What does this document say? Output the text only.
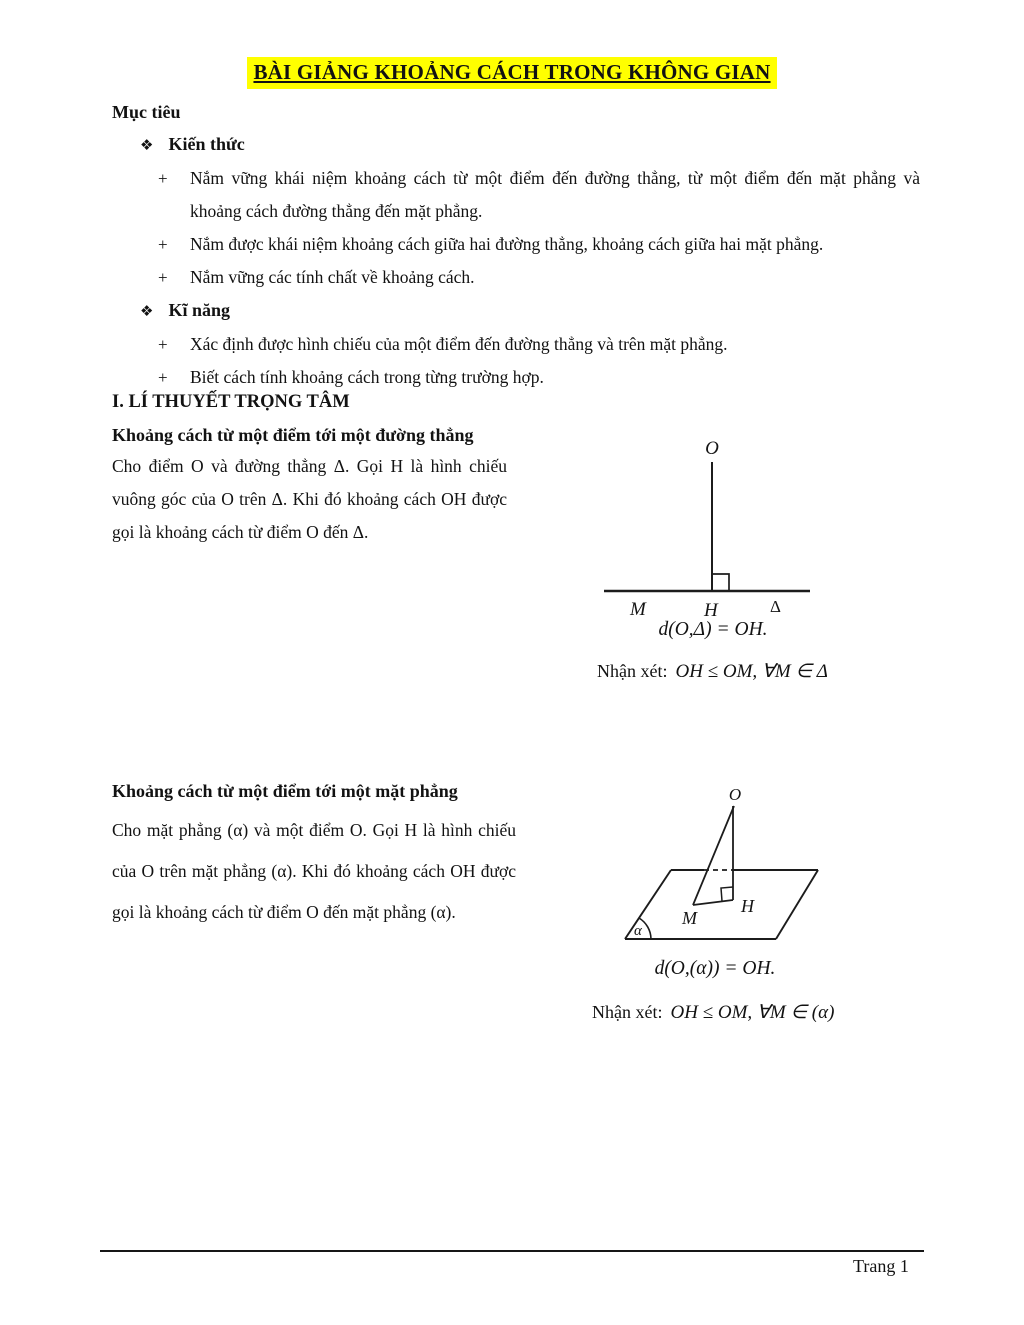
BÀI GIẢNG KHOẢNG CÁCH TRONG KHÔNG GIAN
Mục tiêu
❖ Kiến thức
+ Nắm vững khái niệm khoảng cách từ một điểm đến đường thẳng, từ một điểm đến mặt phẳng và khoảng cách đường thẳng đến mặt phẳng.
+ Nắm được khái niệm khoảng cách giữa hai đường thẳng, khoảng cách giữa hai mặt phẳng.
+ Nắm vững các tính chất về khoảng cách.
❖ Kĩ năng
+ Xác định được hình chiếu của một điểm đến đường thẳng và trên mặt phẳng.
+ Biết cách tính khoảng cách trong từng trường hợp.
I. LÍ THUYẾT TRỌNG TÂM
Khoảng cách từ một điểm tới một đường thẳng
Cho điểm O và đường thẳng Δ. Gọi H là hình chiếu vuông góc của O trên Δ. Khi đó khoảng cách OH được gọi là khoảng cách từ điểm O đến Δ.
O
M	H	Δ
d(O,Δ) = OH.
Nhận xét: OH ≤ OM, ∀M ∈ Δ
Khoảng cách từ một điểm tới một mặt phẳng
Cho mặt phẳng (α) và một điểm O. Gọi H là hình chiếu của O trên mặt phẳng (α). Khi đó khoảng cách OH được gọi là khoảng cách từ điểm O đến mặt phẳng (α).
O
M
H
α
d(O,(α)) = OH.
Nhận xét: OH ≤ OM, ∀M ∈ (α)
Trang 1
